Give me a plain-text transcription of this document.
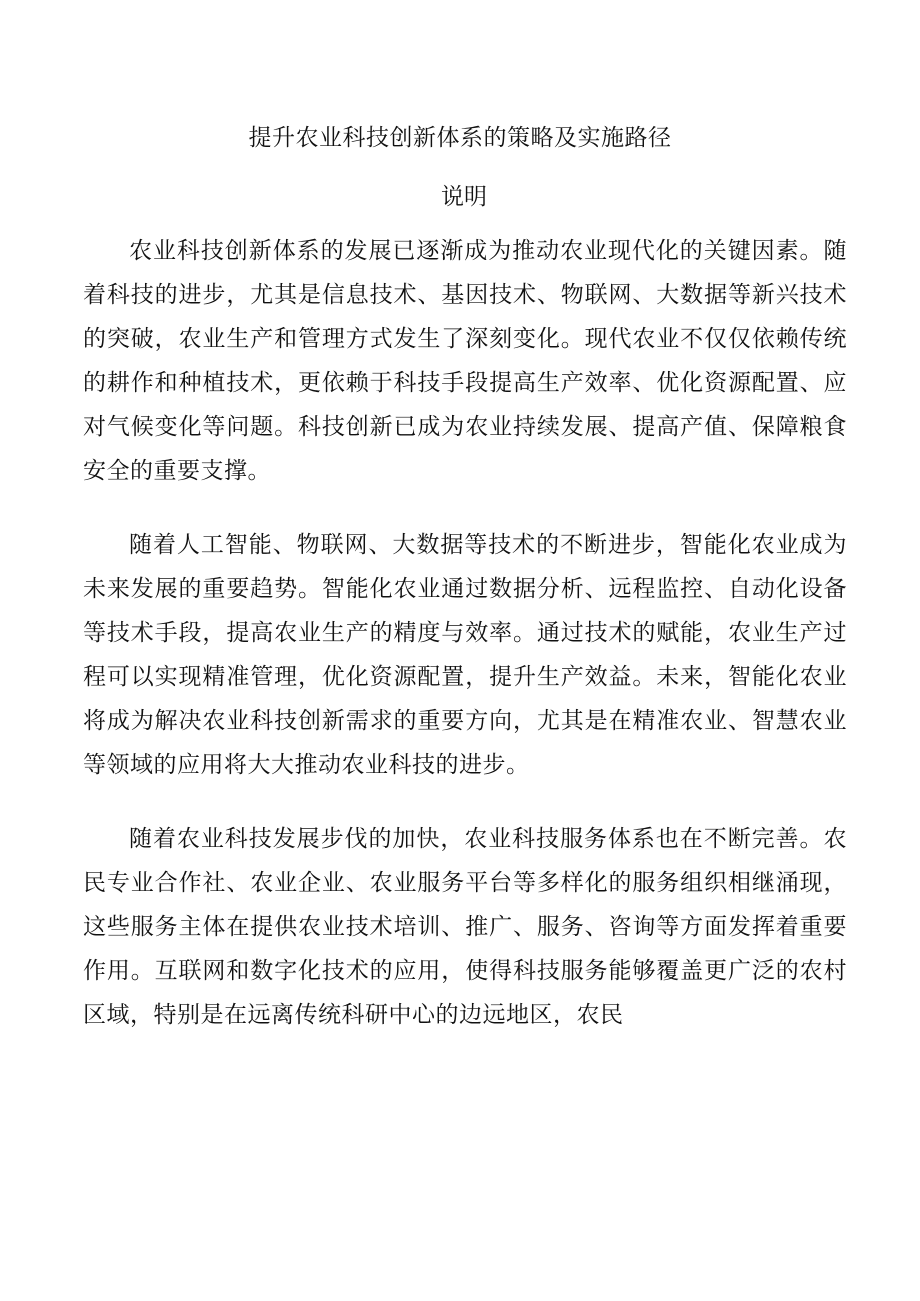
提升农业科技创新体系的策略及实施路径
说明

农业科技创新体系的发展已逐渐成为推动农业现代化的关键因素。随着科技的进步，尤其是信息技术、基因技术、物联网、大数据等新兴技术的突破，农业生产和管理方式发生了深刻变化。现代农业不仅仅依赖传统的耕作和种植技术，更依赖于科技手段提高生产效率、优化资源配置、应对气候变化等问题。科技创新已成为农业持续发展、提高产值、保障粮食安全的重要支撑。

随着人工智能、物联网、大数据等技术的不断进步，智能化农业成为未来发展的重要趋势。智能化农业通过数据分析、远程监控、自动化设备等技术手段，提高农业生产的精度与效率。通过技术的赋能，农业生产过程可以实现精准管理，优化资源配置，提升生产效益。未来，智能化农业将成为解决农业科技创新需求的重要方向，尤其是在精准农业、智慧农业等领域的应用将大大推动农业科技的进步。

随着农业科技发展步伐的加快，农业科技服务体系也在不断完善。农民专业合作社、农业企业、农业服务平台等多样化的服务组织相继涌现，这些服务主体在提供农业技术培训、推广、服务、咨询等方面发挥着重要作用。互联网和数字化技术的应用，使得科技服务能够覆盖更广泛的农村区域，特别是在远离传统科研中心的边远地区，农民
